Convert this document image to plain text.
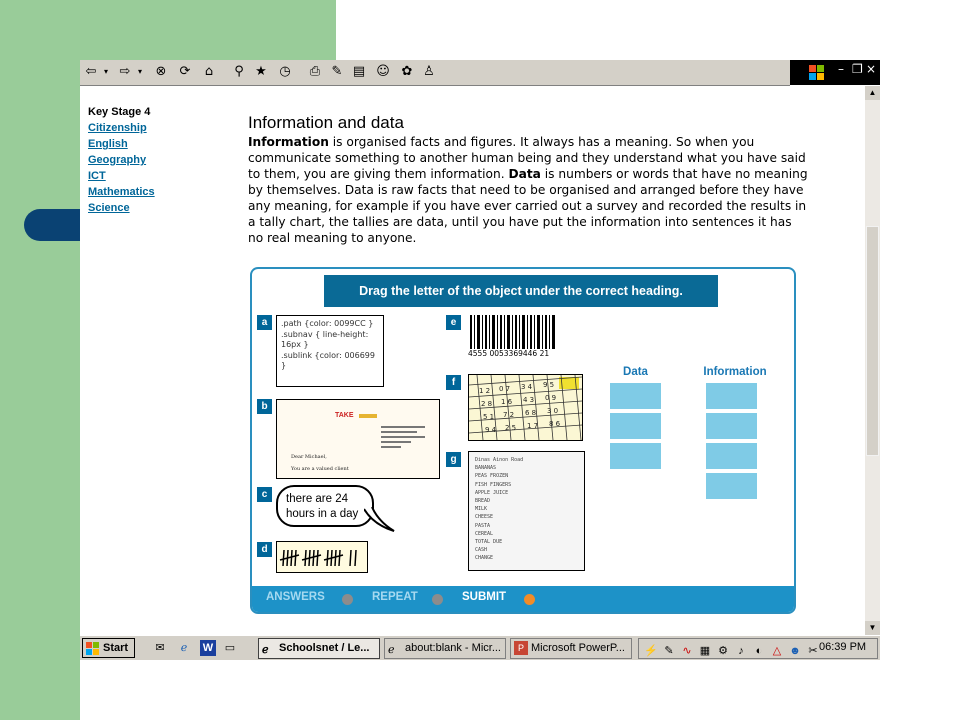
⇦ ▾ ⇨ ▾ ⊗ ⟳	⌂	⚲ ★ ◷ ⎙ ✎ ▤ ☺ ✿ ♙	– ❐ ×
Key Stage 4
Citizenship
English
Geography
ICT
Mathematics
Science
Information and data
Information is organised facts and figures. It always has a meaning. So when you communicate something to another human being and they understand what you have said to them, you are giving them information. Data is numbers or words that have no meaning by themselves. Data is raw facts that need to be organised and arranged before they have any meaning, for example if you have ever carried out a survey and recorded the results in a tally chart, the tallies are data, until you have put the information into sentences it has no real meaning to anyone.
Drag the letter of the object under the correct heading.
a	.path {color: 0099CC }
.subnav { line-height: 16px }
.sublink {color: 006699 }
b
TAKE
Dear Michael,
You are a valued client
c	there are 24 hours in a day
d
e
4555 0053369446 21
f
1 2 0 7 3 4 9 5
2 8 1 6 4 3 0 9
5 1 7 2 6 8 3 0
9 4 2 5 1 7 8 6
g	Dinas Ainon Road
BANANAS
PEAS FROZEN
FISH FINGERS
APPLE JUICE
BREAD
MILK
CHEESE
PASTA
CEREAL
TOTAL DUE
CASH
CHANGE
Data	Information
ANSWERS	REPEAT	SUBMIT
▲
▼
Start	✉	ℯ	W ▭ ℯ Schoolsnet / Le...	ℯ about:blank - Micr...	P Microsoft PowerP...	⚡ ✎ ∿ ▦ ⚙ ♪	◐ △ ☻ ✂ 06:39 PM
